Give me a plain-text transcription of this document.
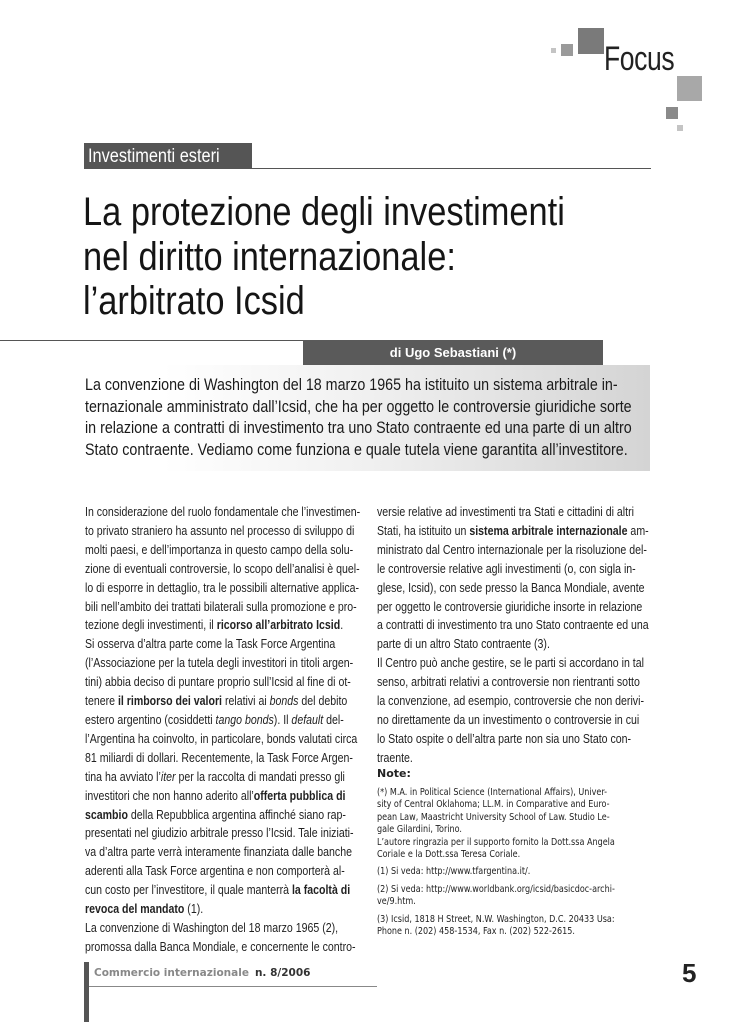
Focus
Investimenti esteri
La protezione degli investimenti
nel diritto internazionale:
l’arbitrato Icsid
di Ugo Sebastiani (*)
La convenzione di Washington del 18 marzo 1965 ha istituito un sistema arbitrale in-
ternazionale amministrato dall’Icsid, che ha per oggetto le controversie giuridiche sorte
in relazione a contratti di investimento tra uno Stato contraente ed una parte di un altro
Stato contraente. Vediamo come funziona e quale tutela viene garantita all’investitore.
In considerazione del ruolo fondamentale che l’investimen-
to privato straniero ha assunto nel processo di sviluppo di
molti paesi, e dell’importanza in questo campo della solu-
zione di eventuali controversie, lo scopo dell’analisi è quel-
lo di esporre in dettaglio, tra le possibili alternative applica-
bili nell’ambito dei trattati bilaterali sulla promozione e pro-
tezione degli investimenti, il ricorso all’arbitrato Icsid.
Si osserva d’altra parte come la Task Force Argentina
(l’Associazione per la tutela degli investitori in titoli argen-
tini) abbia deciso di puntare proprio sull’Icsid al fine di ot-
tenere il rimborso dei valori relativi ai bonds del debito
estero argentino (cosiddetti tango bonds). Il default del-
l’Argentina ha coinvolto, in particolare, bonds valutati circa
81 miliardi di dollari. Recentemente, la Task Force Argen-
tina ha avviato l’iter per la raccolta di mandati presso gli
investitori che non hanno aderito all’offerta pubblica di
scambio della Repubblica argentina affinché siano rap-
presentati nel giudizio arbitrale presso l’Icsid. Tale iniziati-
va d’altra parte verrà interamente finanziata dalle banche
aderenti alla Task Force argentina e non comporterà al-
cun costo per l’investitore, il quale manterrà la facoltà di
revoca del mandato (1).
La convenzione di Washington del 18 marzo 1965 (2),
promossa dalla Banca Mondiale, e concernente le contro-
versie relative ad investimenti tra Stati e cittadini di altri
Stati, ha istituito un sistema arbitrale internazionale am-
ministrato dal Centro internazionale per la risoluzione del-
le controversie relative agli investimenti (o, con sigla in-
glese, Icsid), con sede presso la Banca Mondiale, avente
per oggetto le controversie giuridiche insorte in relazione
a contratti di investimento tra uno Stato contraente ed una
parte di un altro Stato contraente (3).
Il Centro può anche gestire, se le parti si accordano in tal
senso, arbitrati relativi a controversie non rientranti sotto
la convenzione, ad esempio, controversie che non derivi-
no direttamente da un investimento o controversie in cui
lo Stato ospite o dell’altra parte non sia uno Stato con-
traente.
Note:
(*) M.A. in Political Science (International Affairs), Univer-
sity of Central Oklahoma; LL.M. in Comparative and Euro-
pean Law, Maastricht University School of Law. Studio Le-
gale Gilardini, Torino.
L’autore ringrazia per il supporto fornito la Dott.ssa Angela
Coriale e la Dott.ssa Teresa Coriale.
(1) Si veda: http://www.tfargentina.it/.
(2) Si veda: http://www.worldbank.org/icsid/basicdoc-archi-
ve/9.htm.
(3) Icsid, 1818 H Street, N.W. Washington, D.C. 20433 Usa:
Phone n. (202) 458-1534, Fax n. (202) 522-2615.
Commercio internazionale n. 8/2006	5
